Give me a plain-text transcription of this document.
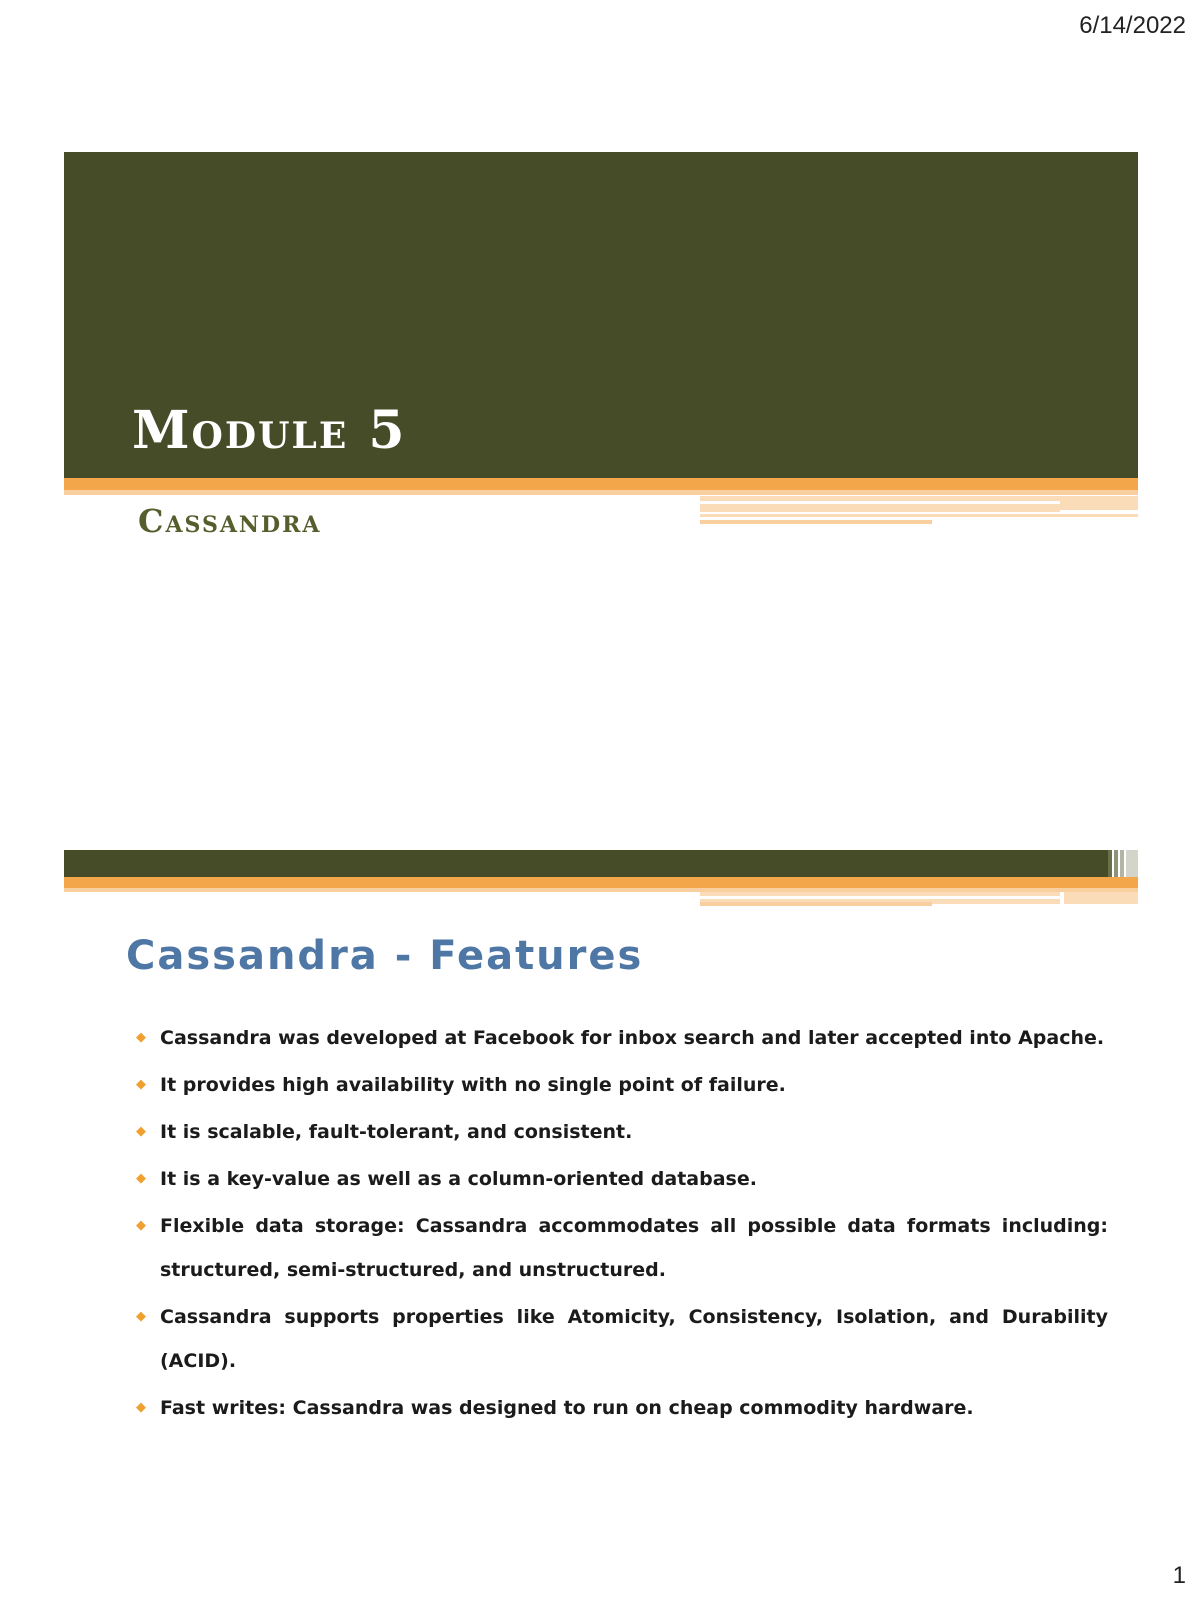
6/14/2022
Module 5
Cassandra
Cassandra - Features
◆ Cassandra was developed at Facebook for inbox search and later accepted into Apache.
◆ It provides high availability with no single point of failure.
◆ It is scalable, fault-tolerant, and consistent.
◆ It is a key-value as well as a column-oriented database.
◆ Flexible data storage: Cassandra accommodates all possible data formats including: structured, semi-structured, and unstructured.
◆ Cassandra supports properties like Atomicity, Consistency, Isolation, and Durability (ACID).
◆ Fast writes: Cassandra was designed to run on cheap commodity hardware.
1
